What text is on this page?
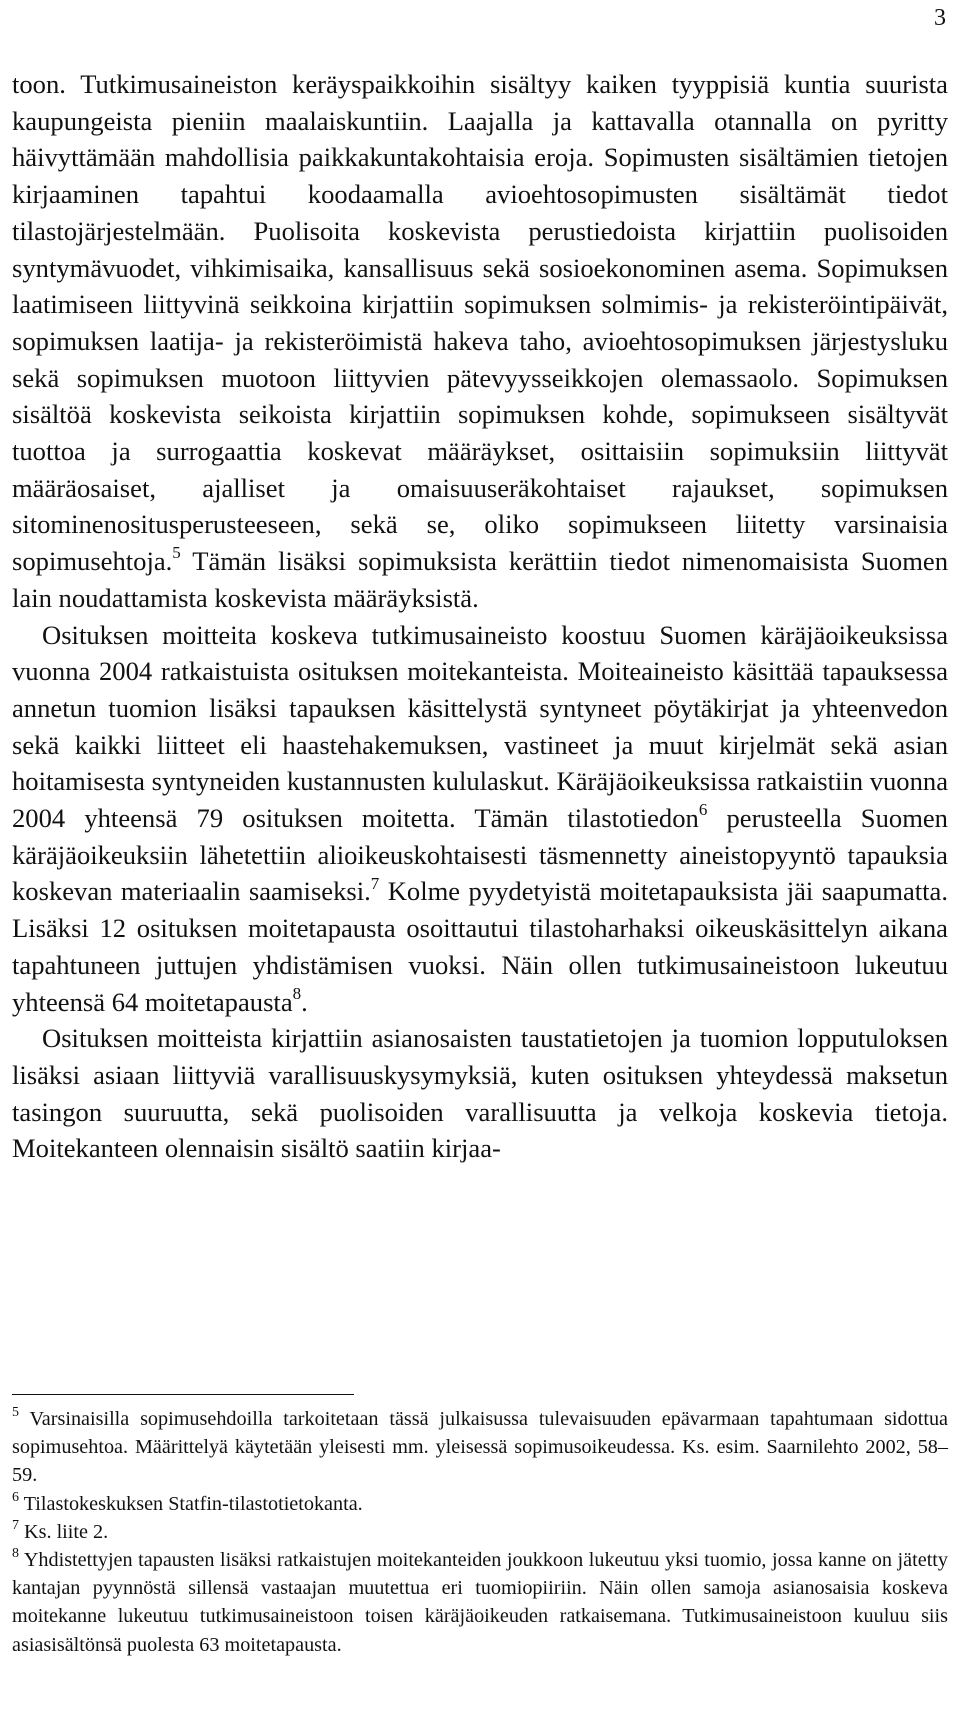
3

toon. Tutkimusaineiston keräyspaikkoihin sisältyy kaiken tyyppisiä kuntia suurista kaupungeista pieniin maalaiskuntiin. Laajalla ja kattavalla otannalla on pyritty häivyttämään mahdollisia paikkakuntakohtaisia eroja. Sopimusten sisältämien tietojen kirjaaminen tapahtui koodaamalla avioehtosopimusten sisältämät tiedot tilastojärjestelmään. Puolisoita koskevista perustiedoista kirjattiin puolisoiden syntymävuodet, vihkimisaika, kansallisuus sekä sosioekonominen asema. Sopimuksen laatimiseen liittyvinä seikkoina kirjattiin sopimuksen solmimis- ja rekisteröintipäivät, sopimuksen laatija- ja rekisteröimistä hakeva taho, avioehtosopimuksen järjestysluku sekä sopimuksen muotoon liittyvien pätevyysseikkojen olemassaolo. Sopimuksen sisältöä koskevista seikoista kirjattiin sopimuksen kohde, sopimukseen sisältyvät tuottoa ja surrogaattia koskevat määräykset, osittaisiin sopimuksiin liittyvät määräosaiset, ajalliset ja omaisuuseräkohtaiset rajaukset, sopimuksen sitominenositusperusteeseen, sekä se, oliko sopimukseen liitetty varsinaisia sopimusehtoja.$^5$ Tämän lisäksi sopimuksista kerättiin tiedot nimenomaisista Suomen lain noudattamista koskevista määräyksistä.

Osituksen moitteita koskeva tutkimusaineisto koostuu Suomen käräjäoikeuksissa vuonna 2004 ratkaistuista osituksen moitekanteista. Moiteaineisto käsittää tapauksessa annetun tuomion lisäksi tapauksen käsittelystä syntyneet pöytäkirjat ja yhteenvedon sekä kaikki liitteet eli haastehakemuksen, vastineet ja muut kirjelmät sekä asian hoitamisesta syntyneiden kustannusten kululaskut. Käräjäoikeuksissa ratkaistiin vuonna 2004 yhteensä 79 osituksen moitetta. Tämän tilastotiedon$^6$ perusteella Suomen käräjäoikeuksiin lähetettiin alioikeuskohtaisesti täsmennetty aineistopyyntö tapauksia koskevan materiaalin saamiseksi.$^7$ Kolme pyydetyistä moitetapauksista jäi saapumatta. Lisäksi 12 osituksen moitetapausta osoittautui tilastoharhaksi oikeuskäsittelyn aikana tapahtuneen juttujen yhdistämisen vuoksi. Näin ollen tutkimusaineistoon lukeutuu yhteensä 64 moitetapausta$^8$.

Osituksen moitteista kirjattiin asianosaisten taustatietojen ja tuomion lopputuloksen lisäksi asiaan liittyviä varallisuuskysymyksiä, kuten osituksen yhteydessä maksetun tasingon suuruutta, sekä puolisoiden varallisuutta ja velkoja koskevia tietoja. Moitekanteen olennaisin sisältö saatiin kirjaa-

$^5$ Varsinaisilla sopimusehdoilla tarkoitetaan tässä julkaisussa tulevaisuuden epävarmaan tapahtumaan sidottua sopimusehtoa. Määrittelyä käytetään yleisesti mm. yleisessä sopimusoikeudessa. Ks. esim. Saarnilehto 2002, 58‒59.

$^6$ Tilastokeskuksen Statfin-tilastotietokanta.

$^7$ Ks. liite 2.

$^8$ Yhdistettyjen tapausten lisäksi ratkaistujen moitekanteiden joukkoon lukeutuu yksi tuomio, jossa kanne on jätetty kantajan pyynnöstä sillensä vastaajan muutettua eri tuomiopiiriin. Näin ollen samoja asianosaisia koskeva moitekanne lukeutuu tutkimusaineistoon toisen käräjäoikeuden ratkaisemana. Tutkimusaineistoon kuuluu siis asiasisältönsä puolesta 63 moitetapausta.
